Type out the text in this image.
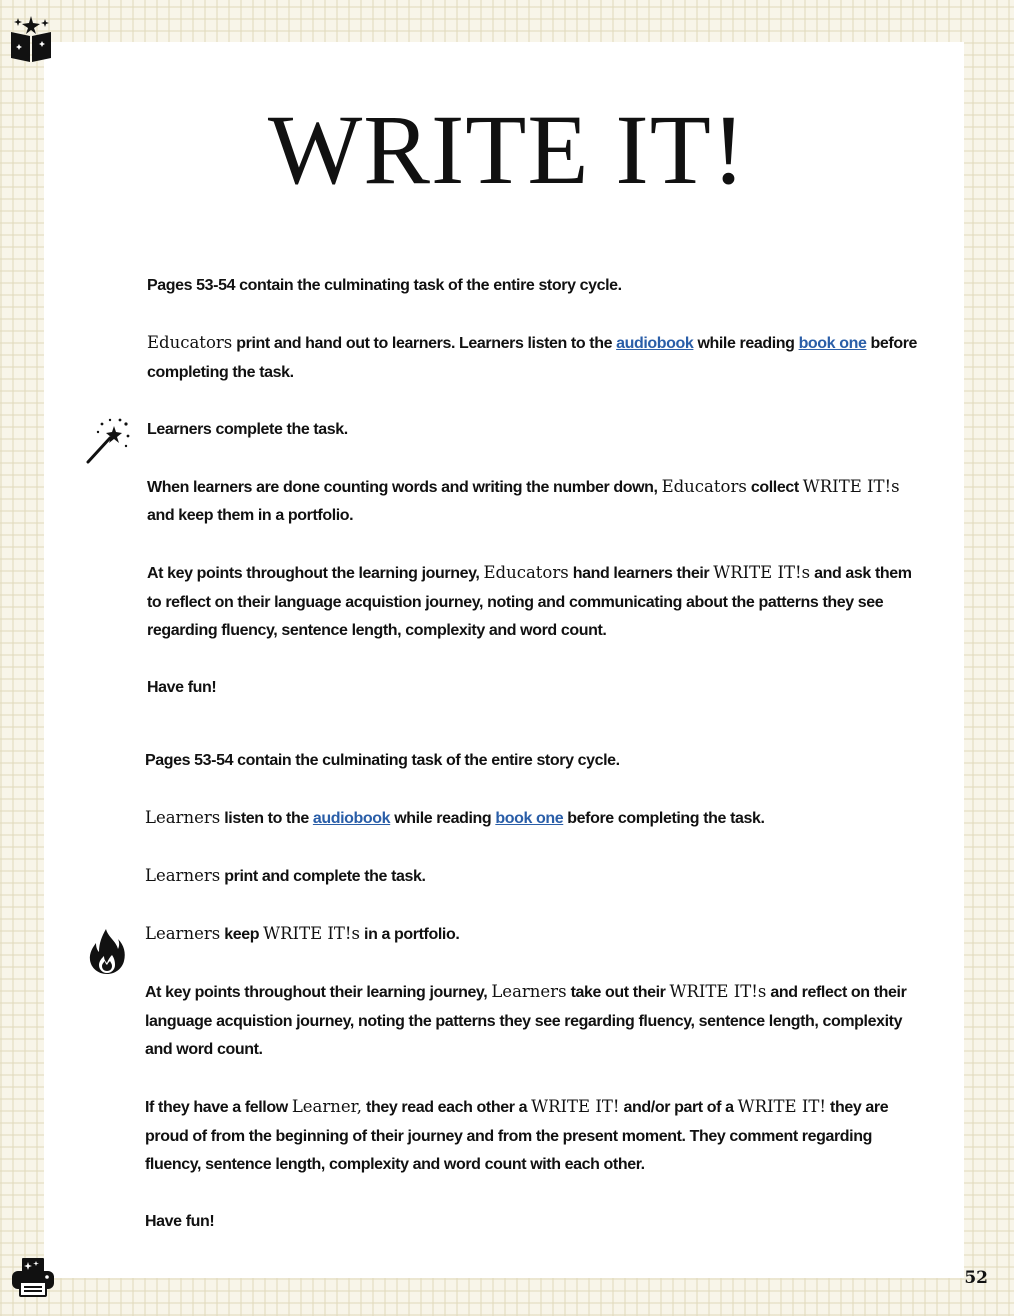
WRITE IT!

Pages 53-54 contain the culminating task of the entire story cycle.

Educators print and hand out to learners. Learners listen to the audiobook while reading book one before completing the task.

Learners complete the task.

When learners are done counting words and writing the number down, Educators collect WRITE IT!s and keep them in a portfolio.

At key points throughout the learning journey, Educators hand learners their WRITE IT!s and ask them to reflect on their language acquistion journey, noting and communicating about the patterns they see regarding fluency, sentence length, complexity and word count.

Have fun!

Pages 53-54 contain the culminating task of the entire story cycle.

Learners listen to the audiobook while reading book one before completing the task.

Learners print and complete the task.

Learners keep WRITE IT!s in a portfolio.

At key points throughout their learning journey, Learners take out their WRITE IT!s and reflect on their language acquistion journey, noting the patterns they see regarding fluency, sentence length, complexity and word count.

If they have a fellow Learner, they read each other a WRITE IT! and/or part of a WRITE IT! they are proud of from the beginning of their journey and from the present moment. They comment regarding fluency, sentence length, complexity and word count with each other.

Have fun!

52
